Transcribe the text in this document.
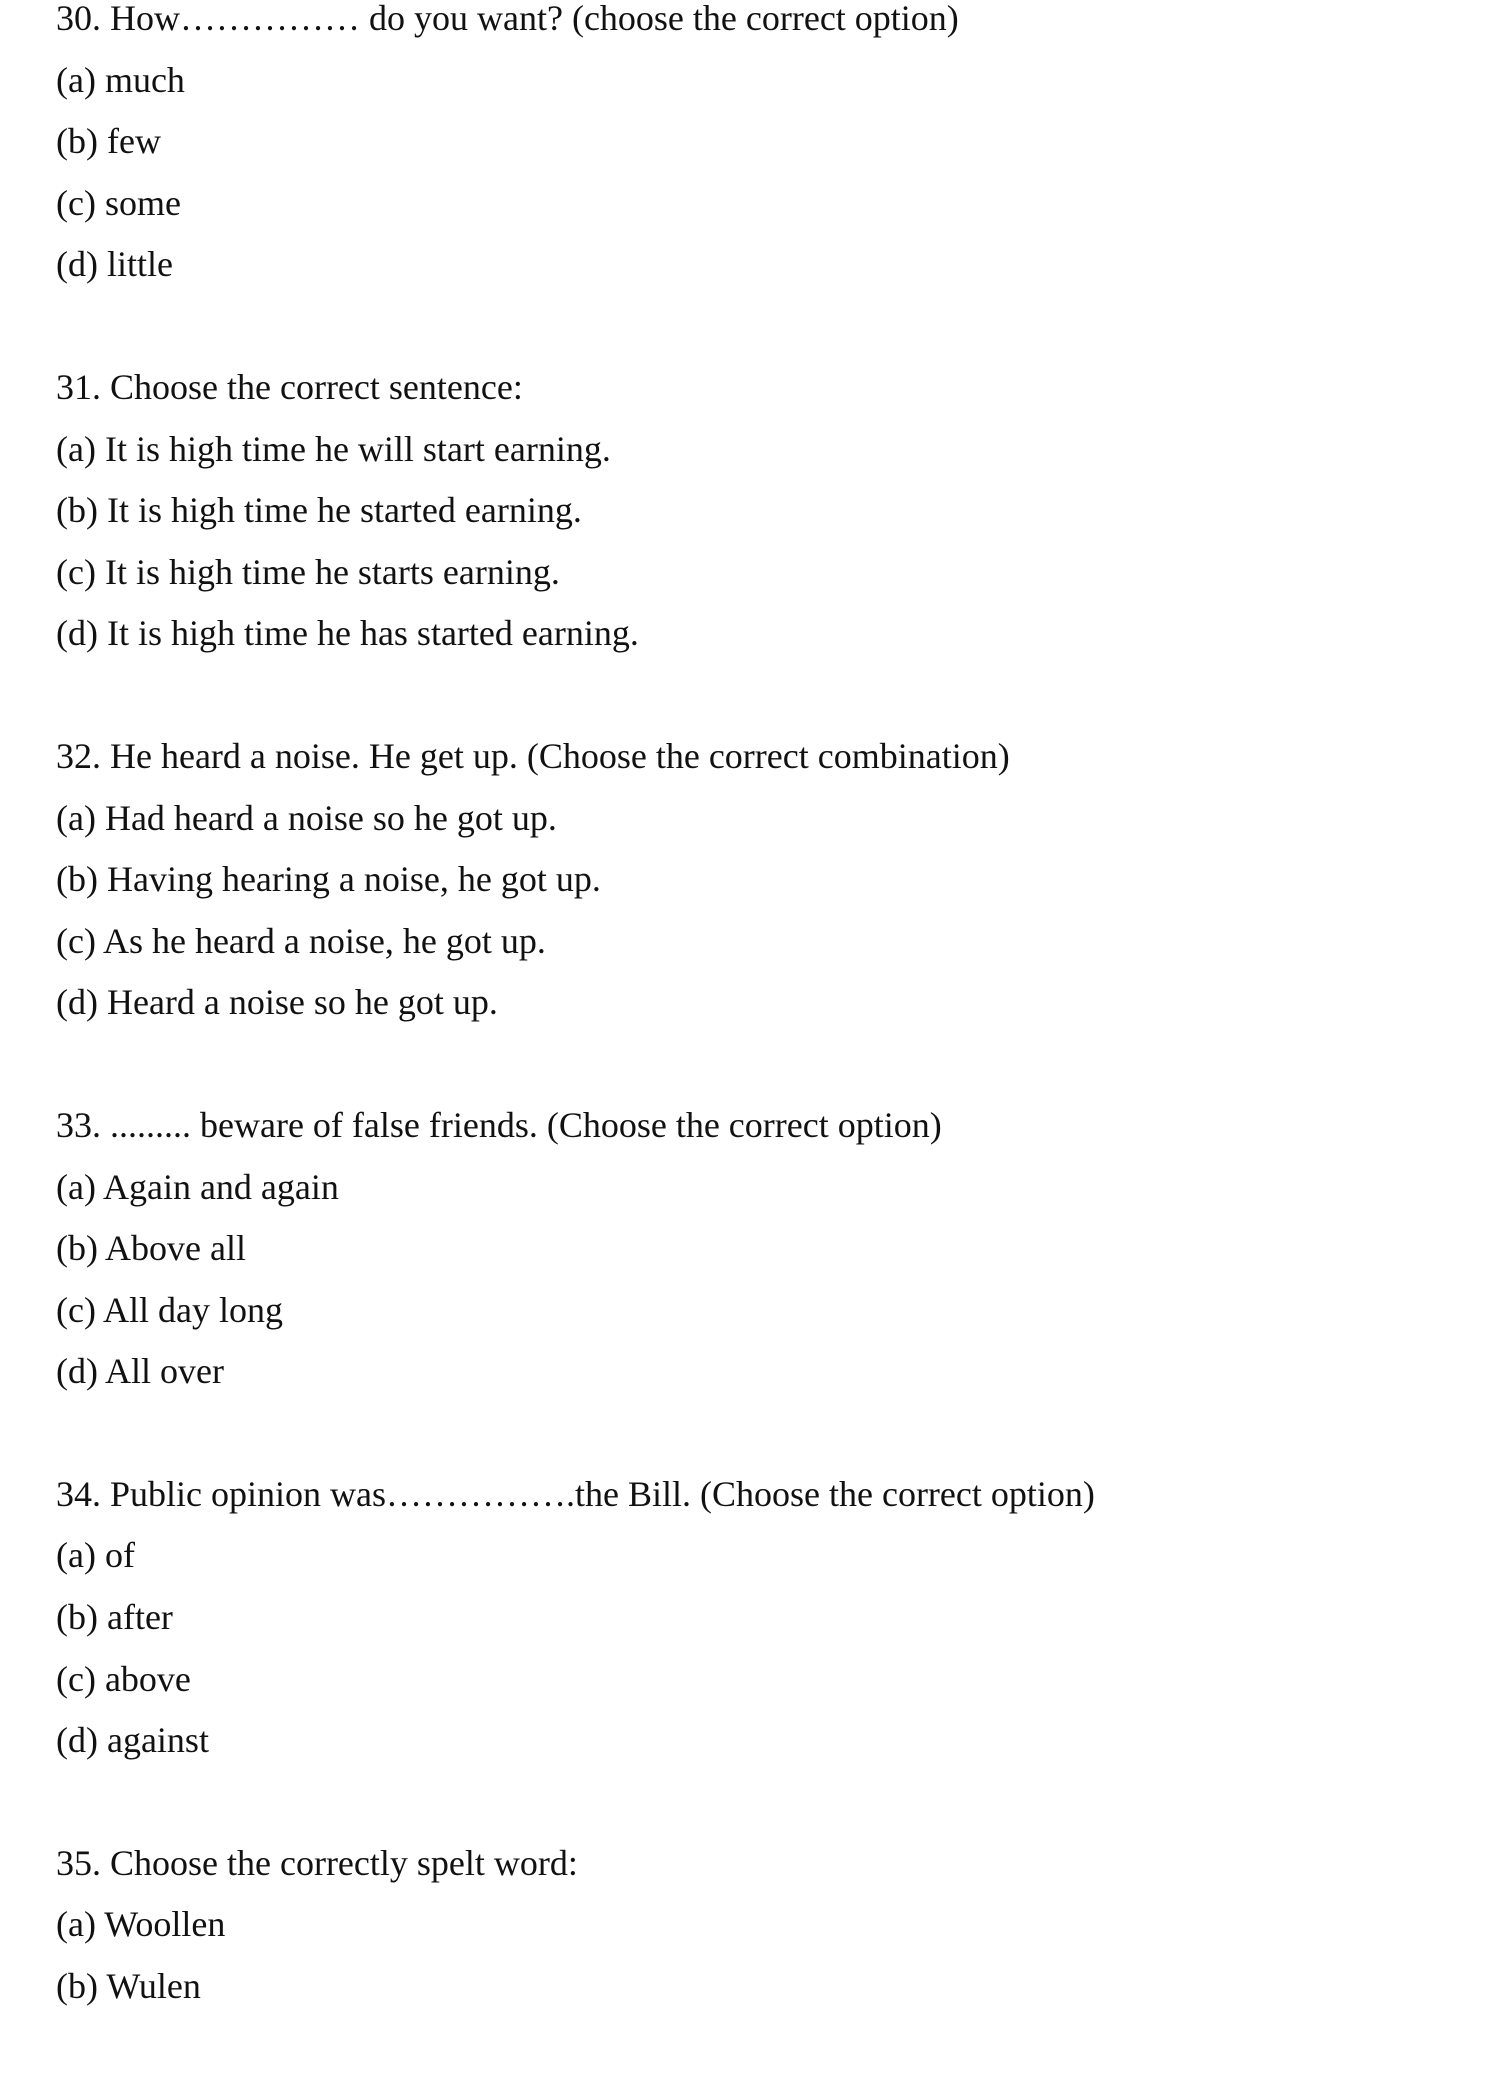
30. How…………… do you want? (choose the correct option)
(a) much
(b) few
(c) some
(d) little
31. Choose the correct sentence:
(a) It is high time he will start earning.
(b) It is high time he started earning.
(c) It is high time he starts earning.
(d) It is high time he has started earning.
32. He heard a noise. He get up. (Choose the correct combination)
(a) Had heard a noise so he got up.
(b) Having hearing a noise, he got up.
(c) As he heard a noise, he got up.
(d) Heard a noise so he got up.
33. ......... beware of false friends. (Choose the correct option)
(a) Again and again
(b) Above all
(c) All day long
(d) All over
34. Public opinion was…………….the Bill. (Choose the correct option)
(a) of
(b) after
(c) above
(d) against
35. Choose the correctly spelt word:
(a) Woollen
(b) Wulen
